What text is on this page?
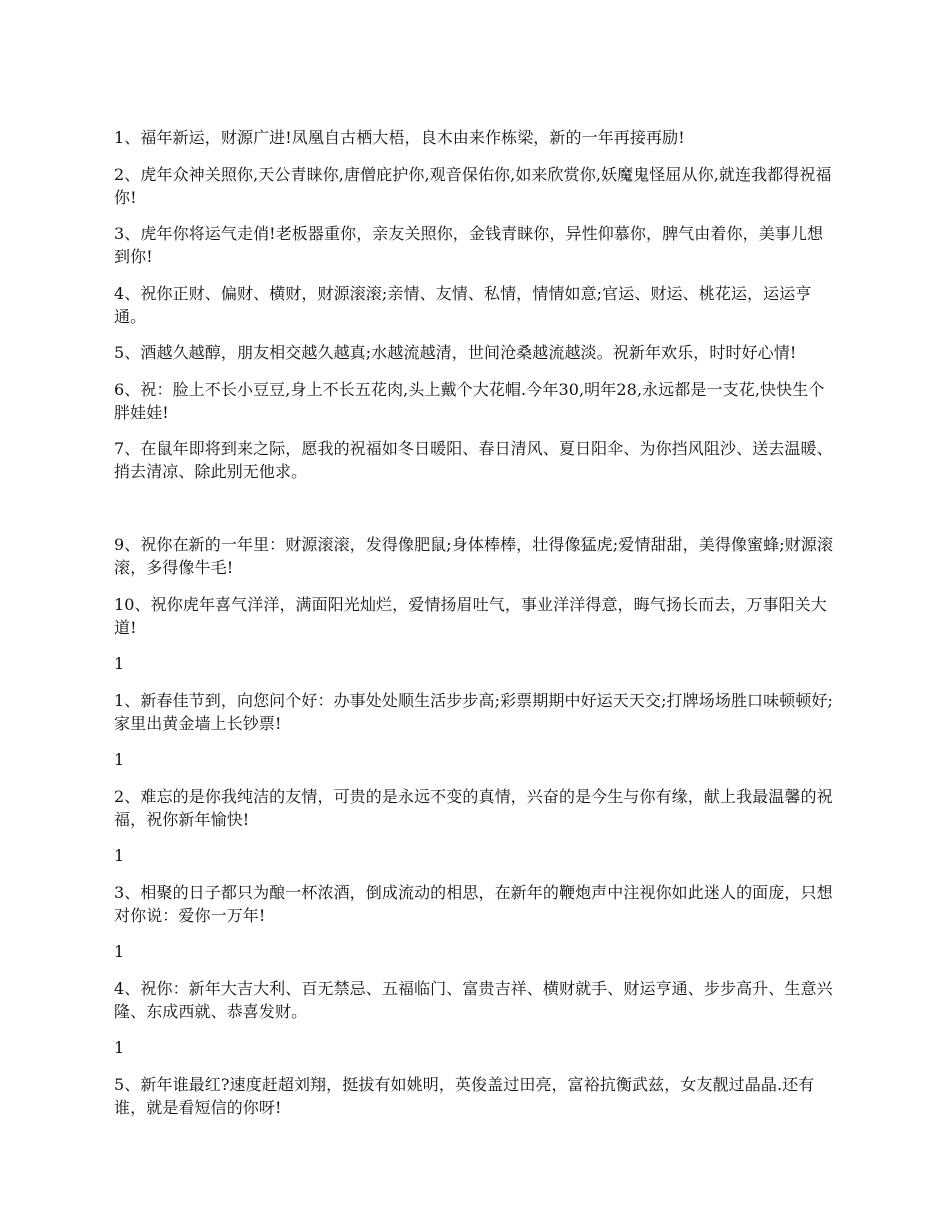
1、福年新运，财源广进!凤凰自古栖大梧，良木由来作栋梁，新的一年再接再励!

2、虎年众神关照你,天公青睐你,唐僧庇护你,观音保佑你,如来欣赏你,妖魔鬼怪屈从你,就连我都得祝福你!

3、虎年你将运气走俏!老板器重你，亲友关照你，金钱青睐你，异性仰慕你，脾气由着你，美事儿想到你!

4、祝你正财、偏财、横财，财源滚滚;亲情、友情、私情，情情如意;官运、财运、桃花运，运运亨通。

5、酒越久越醇，朋友相交越久越真;水越流越清，世间沧桑越流越淡。祝新年欢乐，时时好心情!

6、祝：脸上不长小豆豆,身上不长五花肉,头上戴个大花帽.今年30,明年28,永远都是一支花,快快生个胖娃娃!

7、在鼠年即将到来之际，愿我的祝福如冬日暖阳、春日清风、夏日阳伞、为你挡风阻沙、送去温暖、捎去清凉、除此别无他求。

9、祝你在新的一年里：财源滚滚，发得像肥鼠;身体棒棒，壮得像猛虎;爱情甜甜，美得像蜜蜂;财源滚滚，多得像牛毛!

10、祝你虎年喜气洋洋，满面阳光灿烂，爱情扬眉吐气，事业洋洋得意，晦气扬长而去，万事阳关大道!

1

1、新春佳节到，向您问个好：办事处处顺生活步步高;彩票期期中好运天天交;打牌场场胜口味顿顿好;家里出黄金墙上长钞票!

1

2、难忘的是你我纯洁的友情，可贵的是永远不变的真情，兴奋的是今生与你有缘，献上我最温馨的祝福，祝你新年愉快!

1

3、相聚的日子都只为酿一杯浓酒，倒成流动的相思，在新年的鞭炮声中注视你如此迷人的面庞，只想对你说：爱你一万年!

1

4、祝你：新年大吉大利、百无禁忌、五福临门、富贵吉祥、横财就手、财运亨通、步步高升、生意兴隆、东成西就、恭喜发财。

1

5、新年谁最红?速度赶超刘翔，挺拔有如姚明，英俊盖过田亮，富裕抗衡武兹，女友靓过晶晶.还有谁，就是看短信的你呀!
